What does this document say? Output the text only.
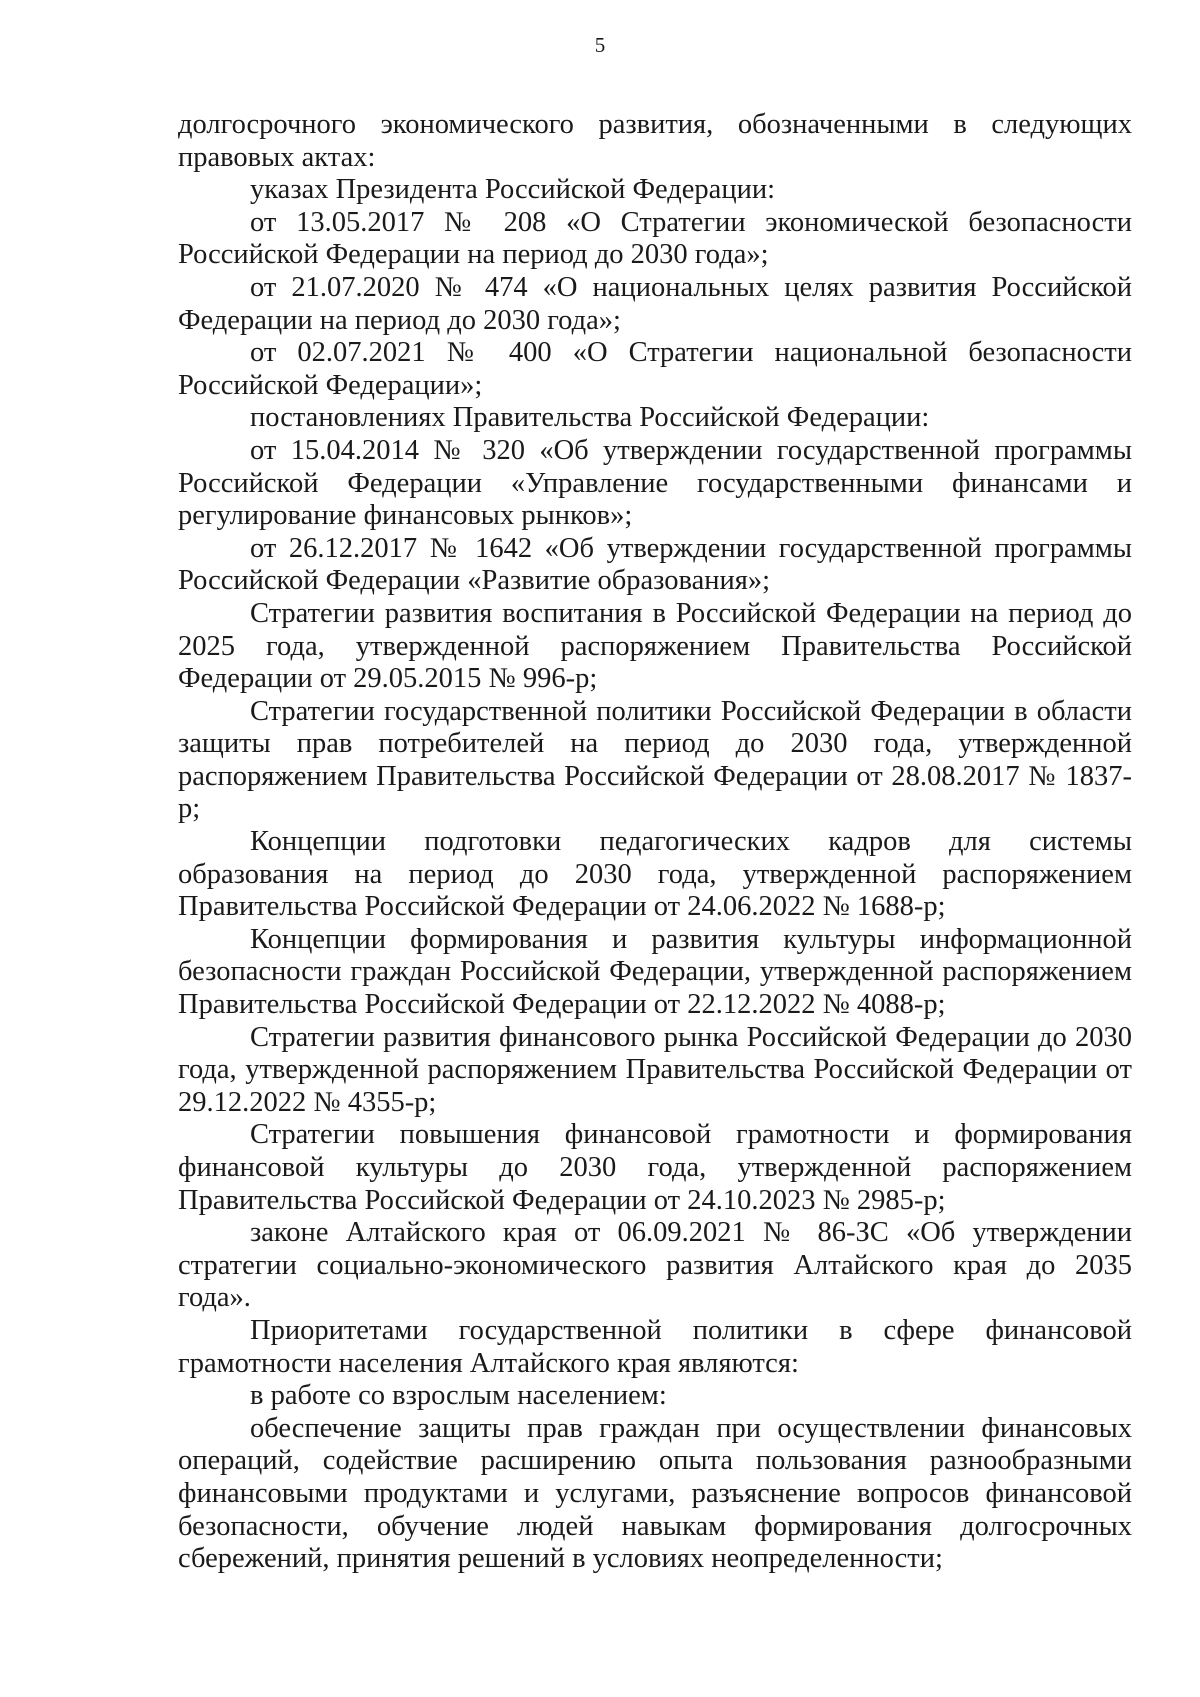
5

долгосрочного экономического развития, обозначенными в следующих правовых актах:

указах Президента Российской Федерации:

от 13.05.2017 № 208 «О Стратегии экономической безопасности Российской Федерации на период до 2030 года»;

от 21.07.2020 № 474 «О национальных целях развития Российской Федерации на период до 2030 года»;

от 02.07.2021 № 400 «О Стратегии национальной безопасности Российской Федерации»;

постановлениях Правительства Российской Федерации:

от 15.04.2014 № 320 «Об утверждении государственной программы Российской Федерации «Управление государственными финансами и регулирование финансовых рынков»;

от 26.12.2017 № 1642 «Об утверждении государственной программы Российской Федерации «Развитие образования»;

Стратегии развития воспитания в Российской Федерации на период до 2025 года, утвержденной распоряжением Правительства Российской Федерации от 29.05.2015 № 996-р;

Стратегии государственной политики Российской Федерации в области защиты прав потребителей на период до 2030 года, утвержденной распоряжением Правительства Российской Федерации от 28.08.2017 № 1837-р;

Концепции подготовки педагогических кадров для системы образования на период до 2030 года, утвержденной распоряжением Правительства Российской Федерации от 24.06.2022 № 1688-р;

Концепции формирования и развития культуры информационной безопасности граждан Российской Федерации, утвержденной распоряжением Правительства Российской Федерации от 22.12.2022 № 4088-р;

Стратегии развития финансового рынка Российской Федерации до 2030 года, утвержденной распоряжением Правительства Российской Федерации от 29.12.2022 № 4355-р;

Стратегии повышения финансовой грамотности и формирования финансовой культуры до 2030 года, утвержденной распоряжением Правительства Российской Федерации от 24.10.2023 № 2985-р;

законе Алтайского края от 06.09.2021 № 86-ЗС «Об утверждении стратегии социально-экономического развития Алтайского края до 2035 года».

Приоритетами государственной политики в сфере финансовой грамотности населения Алтайского края являются:

в работе со взрослым населением:

обеспечение защиты прав граждан при осуществлении финансовых операций, содействие расширению опыта пользования разнообразными финансовыми продуктами и услугами, разъяснение вопросов финансовой безопасности, обучение людей навыкам формирования долгосрочных сбережений, принятия решений в условиях неопределенности;
